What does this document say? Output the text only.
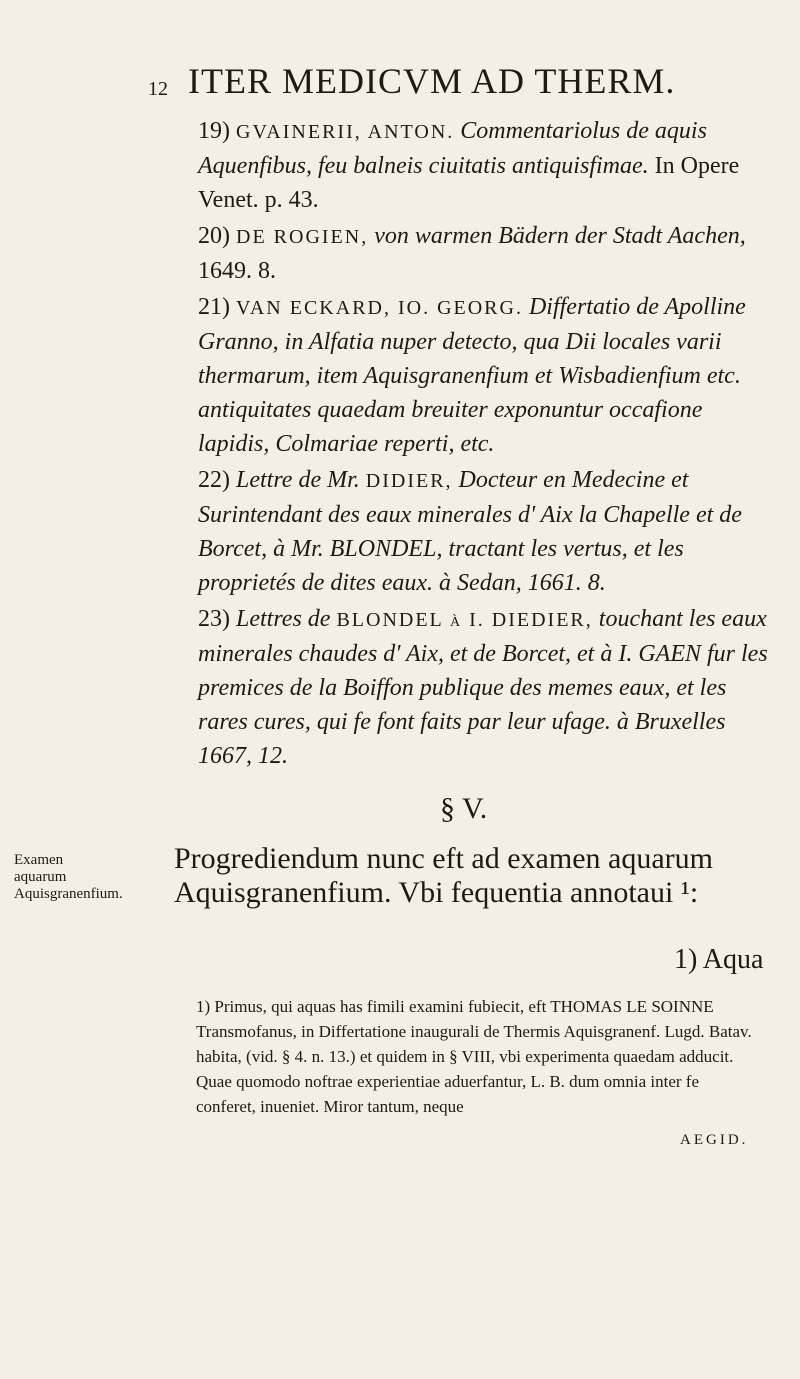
12 ITER MEDICVM AD THERM.
19) GVAINERII, ANTON. Commentariolus de aquis Aquenfibus, feu balneis ciuitatis antiquisfimae. In Opere Venet. p. 43.
20) DE ROGIEN, von warmen Bädern der Stadt Aachen, 1649. 8.
21) VAN ECKARD, IO. GEORG. Differtatio de Apolline Granno, in Alfatia nuper detecto, qua Dii locales varii thermarum, item Aquisgranenfium et Wisbadienfium etc. antiquitates quaedam breuiter exponuntur occafione lapidis, Colmariae reperti, etc.
22) Lettre de Mr. DIDIER, Docteur en Medecine et Surintendant des eaux minerales d' Aix la Chapelle et de Borcet, à Mr. BLONDEL, tractant les vertus, et les proprietés de dites eaux. à Sedan, 1661. 8.
23) Lettres de BLONDEL à I. DIEDIER, touchant les eaux minerales chaudes d' Aix, et de Borcet, et à I. GAEN fur les premices de la Boiffon publique des memes eaux, et les rares cures, qui fe font faits par leur ufage. à Bruxelles 1667, 12.
§ V.
Examen aquarum Aquisgranenfium.
Progrediendum nunc eft ad examen aquarum Aquisgranenfium. Vbi fequentia annotaui ¹:
1) Aqua
1) Primus, qui aquas has fimili examini fubiecit, eft THOMAS LE SOINNE Transmofanus, in Differtatione inaugurali de Thermis Aquisgranenf. Lugd. Batav. habita, (vid. § 4. n. 13.) et quidem in § VIII, vbi experimenta quaedam adducit. Quae quomodo noftrae experientiae aduerfantur, L. B. dum omnia inter fe conferet, inueniet. Miror tantum, neque
AEGID.
